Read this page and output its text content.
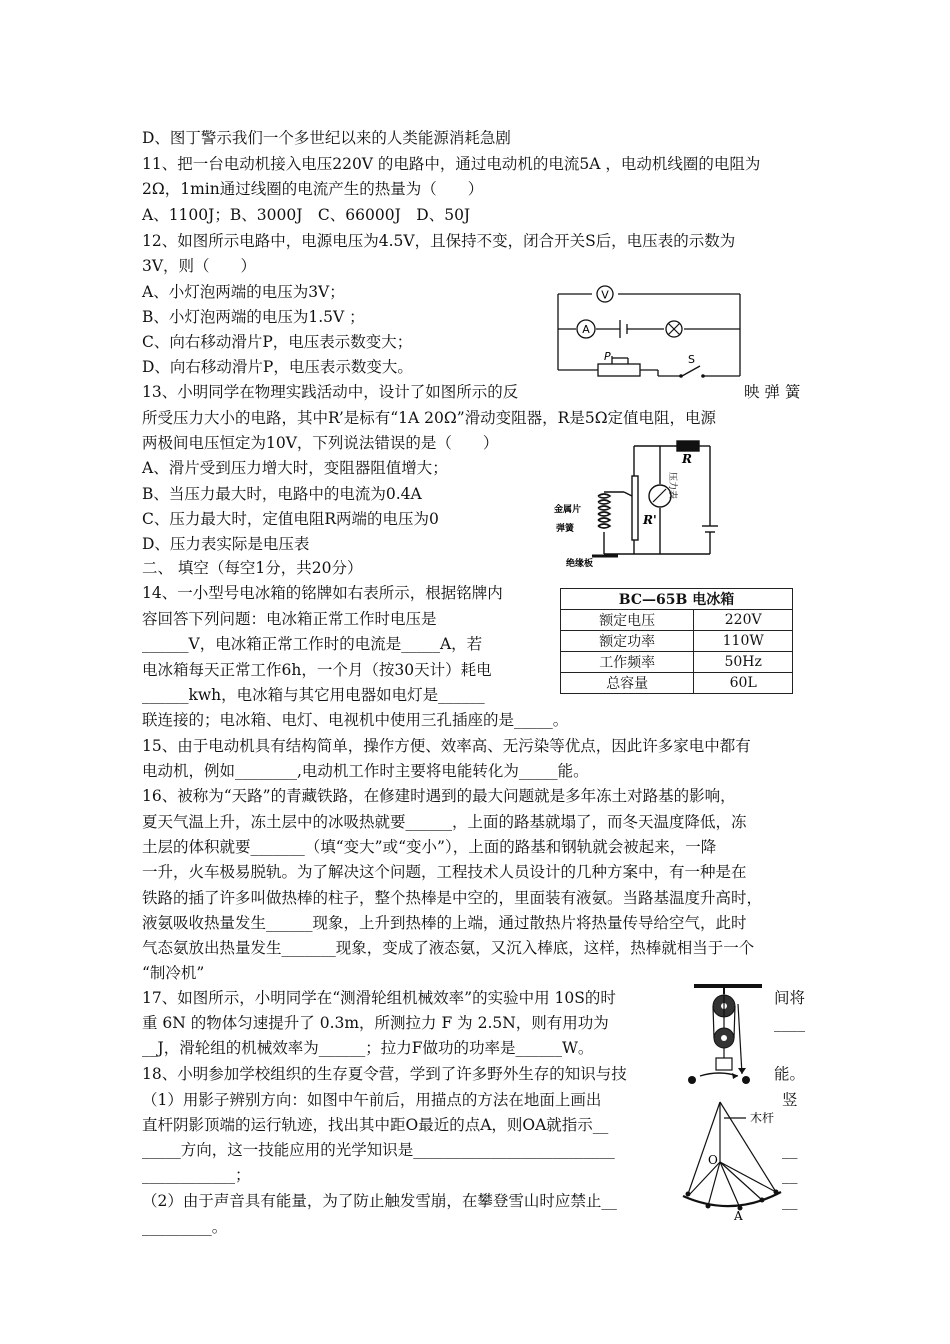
D、图丁警示我们一个多世纪以来的人类能源消耗急剧
11、把一台电动机接入电压220V 的电路中，通过电动机的电流5A ，电动机线圈的电阻为
2Ω，1min通过线圈的电流产生的热量为（　　）
A、1100J；B、3000J　C、66000J　D、50J
12、如图所示电路中，电源电压为4.5V，且保持不变，闭合开关S后，电压表的示数为
3V，则（　　）
A、小灯泡两端的电压为3V；
B、小灯泡两端的电压为1.5V ；
C、向右移动滑片P，电压表示数变大；
D、向右移动滑片P，电压表示数变大。
13、小明同学在物理实践活动中，设计了如图所示的反
所受压力大小的电路，其中R’是标有“1A 20Ω”滑动变阻器，R是5Ω定值电阻，电源
两极间电压恒定为10V，下列说法错误的是（　　）
A、滑片受到压力增大时，变阻器阻值增大；
B、当压力最大时，电路中的电流为0.4A
C、压力最大时，定值电阻R两端的电压为0
D、压力表实际是电压表
二、 填空（每空1分，共20分）
14、一小型号电冰箱的铭牌如右表所示，根据铭牌内
容回答下列问题：电冰箱正常工作时电压是
______V，电冰箱正常工作时的电流是_____A，若
电冰箱每天正常工作6h，一个月（按30天计）耗电
______kwh，电冰箱与其它用电器如电灯是______
联连接的；电冰箱、电灯、电视机中使用三孔插座的是_____。
15、由于电动机具有结构简单，操作方便、效率高、无污染等优点，因此许多家电中都有
电动机，例如________,电动机工作时主要将电能转化为_____能。
16、被称为“天路”的青藏铁路，在修建时遇到的最大问题就是多年冻土对路基的影响，
夏天气温上升，冻土层中的冰吸热就要______，上面的路基就塌了，而冬天温度降低，冻
土层的体积就要_______（填“变大”或“变小”），上面的路基和钢轨就会被起来，一降
一升，火车极易脱轨。为了解决这个问题，工程技术人员设计的几种方案中，有一种是在
铁路的插了许多叫做热棒的柱子，整个热棒是中空的，里面装有液氨。当路基温度升高时，
液氨吸收热量发生______现象，上升到热棒的上端，通过散热片将热量传导给空气，此时
气态氨放出热量发生_______现象，变成了液态氨，又沉入棒底，这样，热棒就相当于一个
“制冷机”
17、如图所示，小明同学在“测滑轮组机械效率”的实验中用 10S的时
重 6N 的物体匀速提升了 0.3m，所测拉力 F 为 2.5N，则有用功为
__J，滑轮组的机械效率为______；拉力F做功的功率是______W。
18、小明参加学校组织的生存夏令营，学到了许多野外生存的知识与技
（1）用影子辨别方向：如图中午前后，用描点的方法在地面上画出
直杆阴影顶端的运行轨迹，找出其中距O最近的点A，则OA就指示__
_____方向，这一技能应用的光学知识是__________________________
____________；
（2）由于声音具有能量，为了防止触发雪崩，在攀登雪山时应禁止__
_________。
映 弹 簧
间将
____
能。
竖
__
__
__
V
A
P	S
R
R'
压力表
金属片
弹簧
绝缘板
BC—65B 电冰箱	
额定电压	220V
额定功率	110W
工作频率	50Hz
总容量	60L
木杆
O
A
